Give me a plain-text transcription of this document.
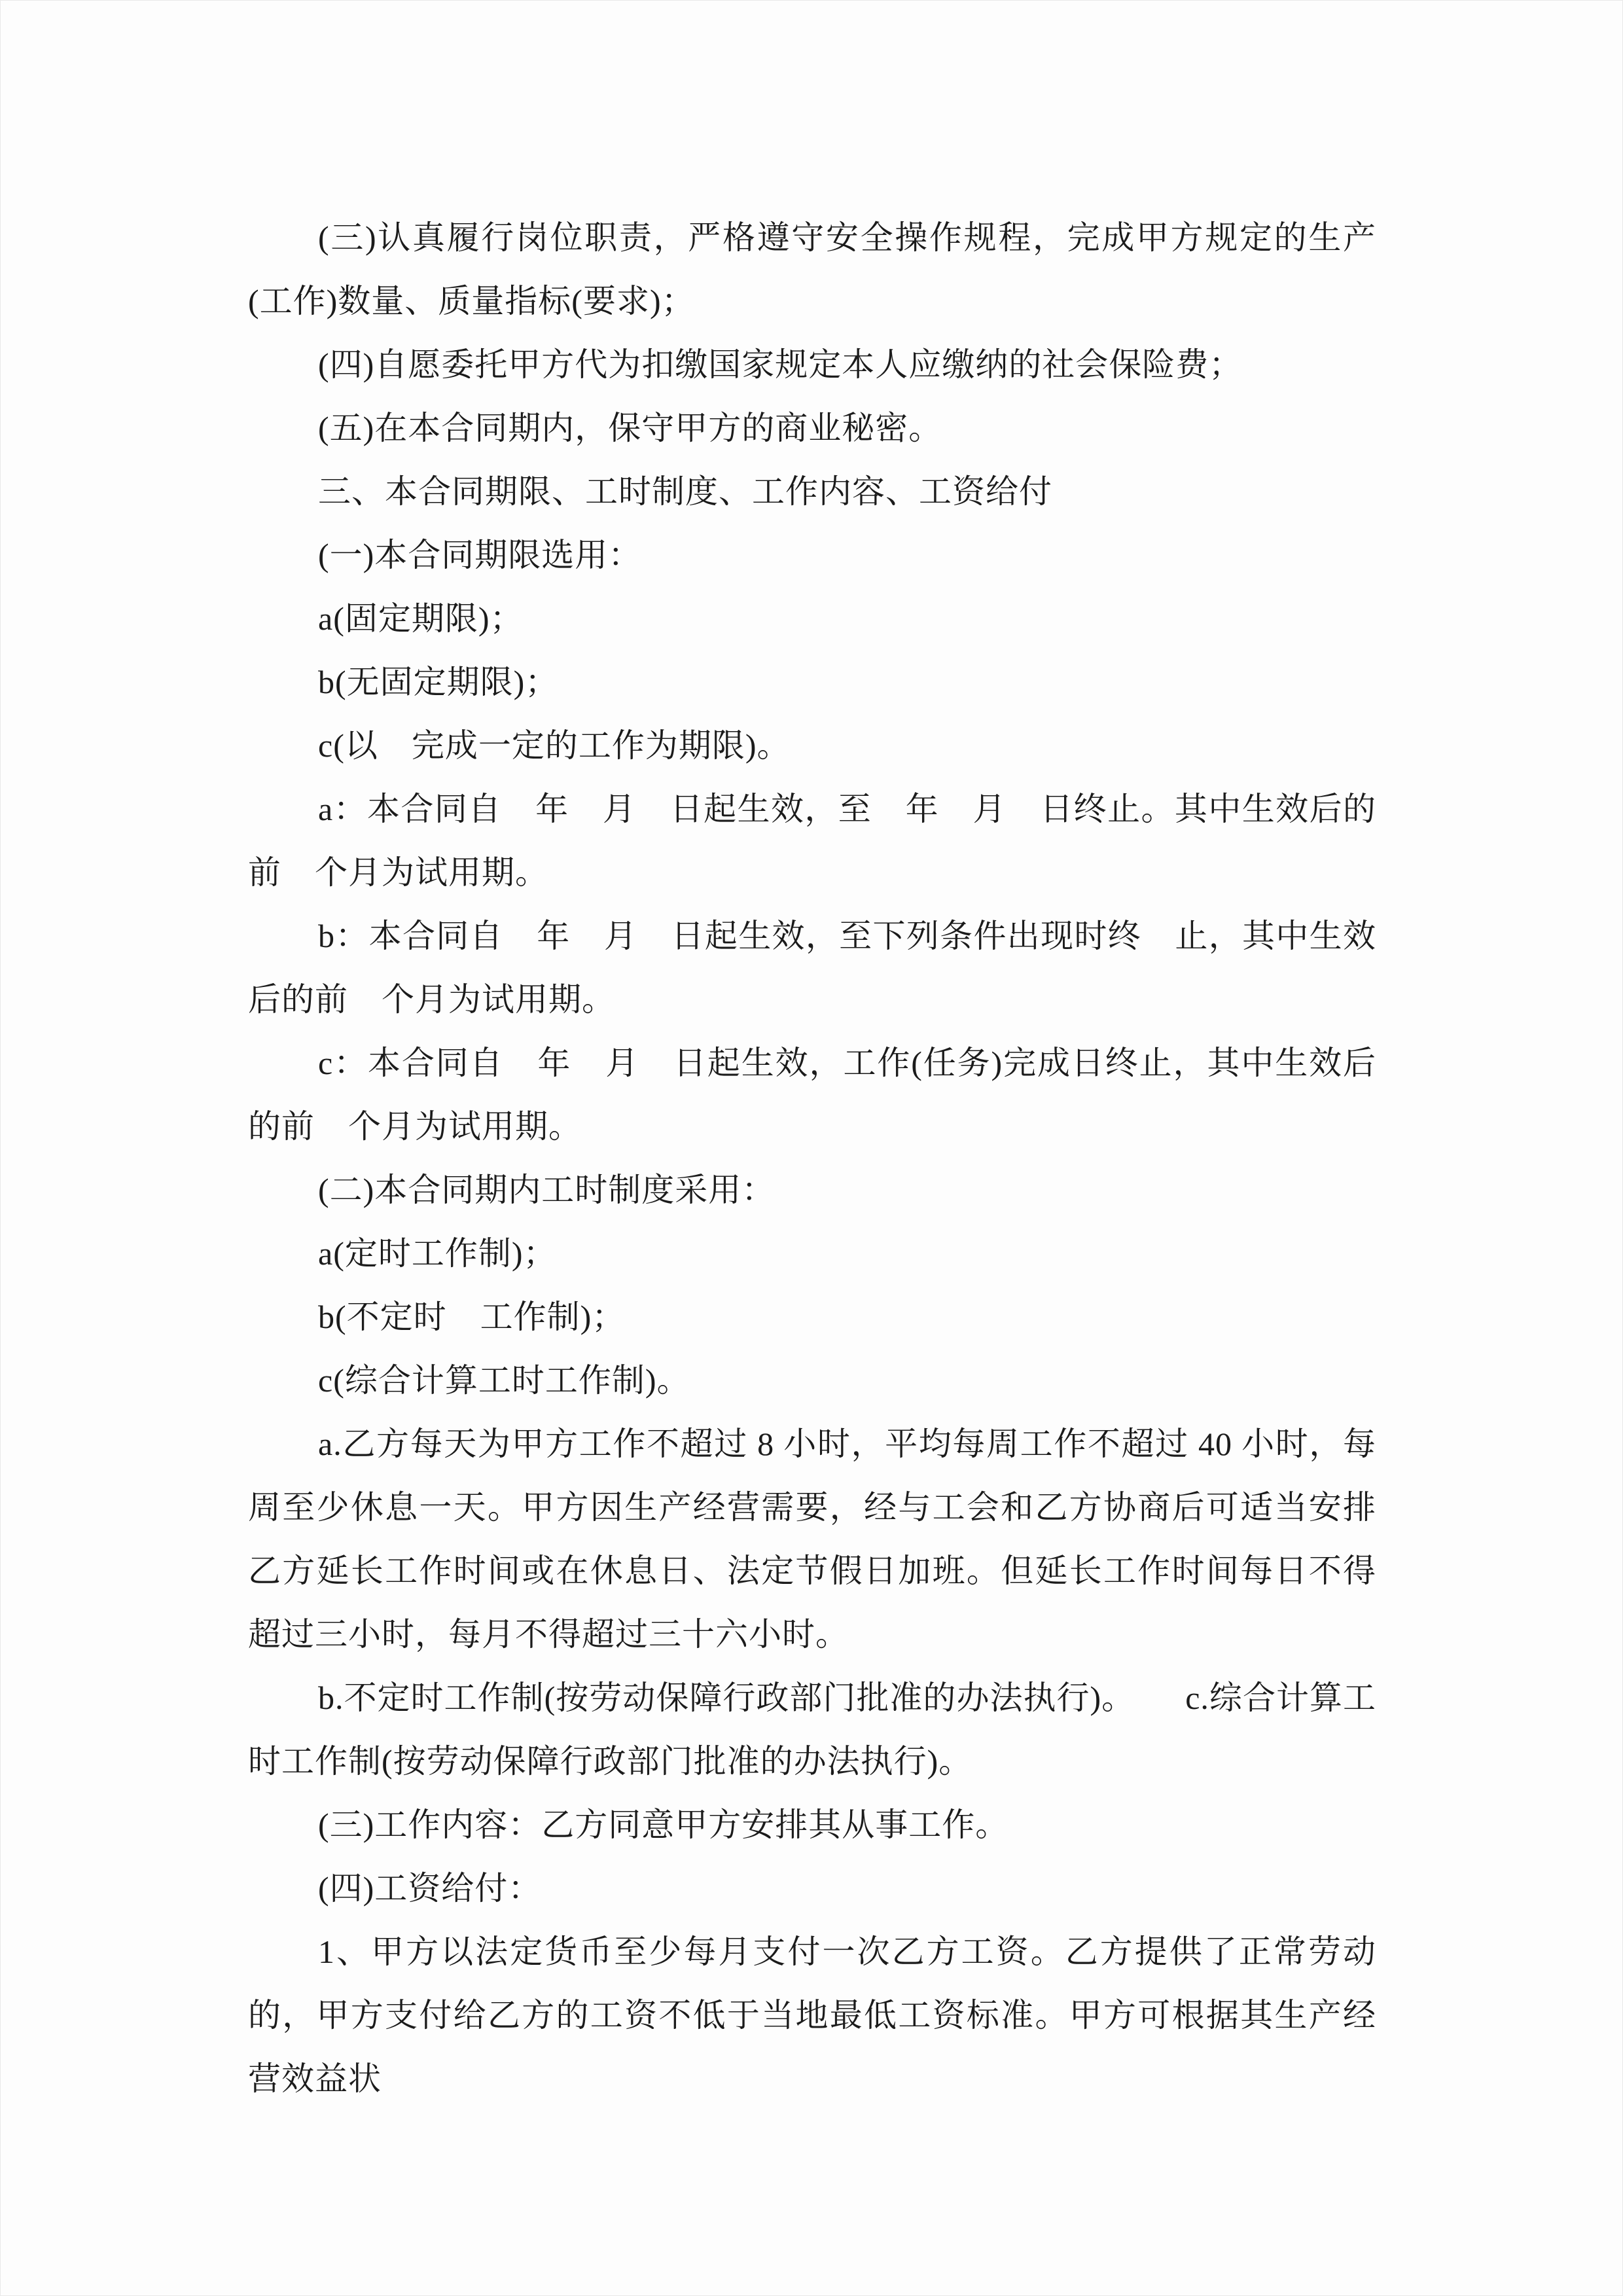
(三)认真履行岗位职责，严格遵守安全操作规程，完成甲方规定的生产(工作)数量、质量指标(要求)；

(四)自愿委托甲方代为扣缴国家规定本人应缴纳的社会保险费；

(五)在本合同期内，保守甲方的商业秘密。

三、本合同期限、工时制度、工作内容、工资给付

(一)本合同期限选用：

a(固定期限)；

b(无固定期限)；

c(以　完成一定的工作为期限)。

a：本合同自　年　月　日起生效，至　年　月　日终止。其中生效后的前　个月为试用期。

b：本合同自　年　月　日起生效，至下列条件出现时终　止，其中生效后的前　个月为试用期。

c：本合同自　年　月　日起生效，工作(任务)完成日终止，其中生效后的前　个月为试用期。

(二)本合同期内工时制度采用：

a(定时工作制)；

b(不定时　工作制)；

c(综合计算工时工作制)。

a.乙方每天为甲方工作不超过 8 小时，平均每周工作不超过 40 小时，每周至少休息一天。甲方因生产经营需要，经与工会和乙方协商后可适当安排乙方延长工作时间或在休息日、法定节假日加班。但延长工作时间每日不得超过三小时，每月不得超过三十六小时。

b.不定时工作制(按劳动保障行政部门批准的办法执行)。　　c.综合计算工时工作制(按劳动保障行政部门批准的办法执行)。

(三)工作内容：乙方同意甲方安排其从事工作。

(四)工资给付：

1、甲方以法定货币至少每月支付一次乙方工资。乙方提供了正常劳动的，甲方支付给乙方的工资不低于当地最低工资标准。甲方可根据其生产经营效益状
